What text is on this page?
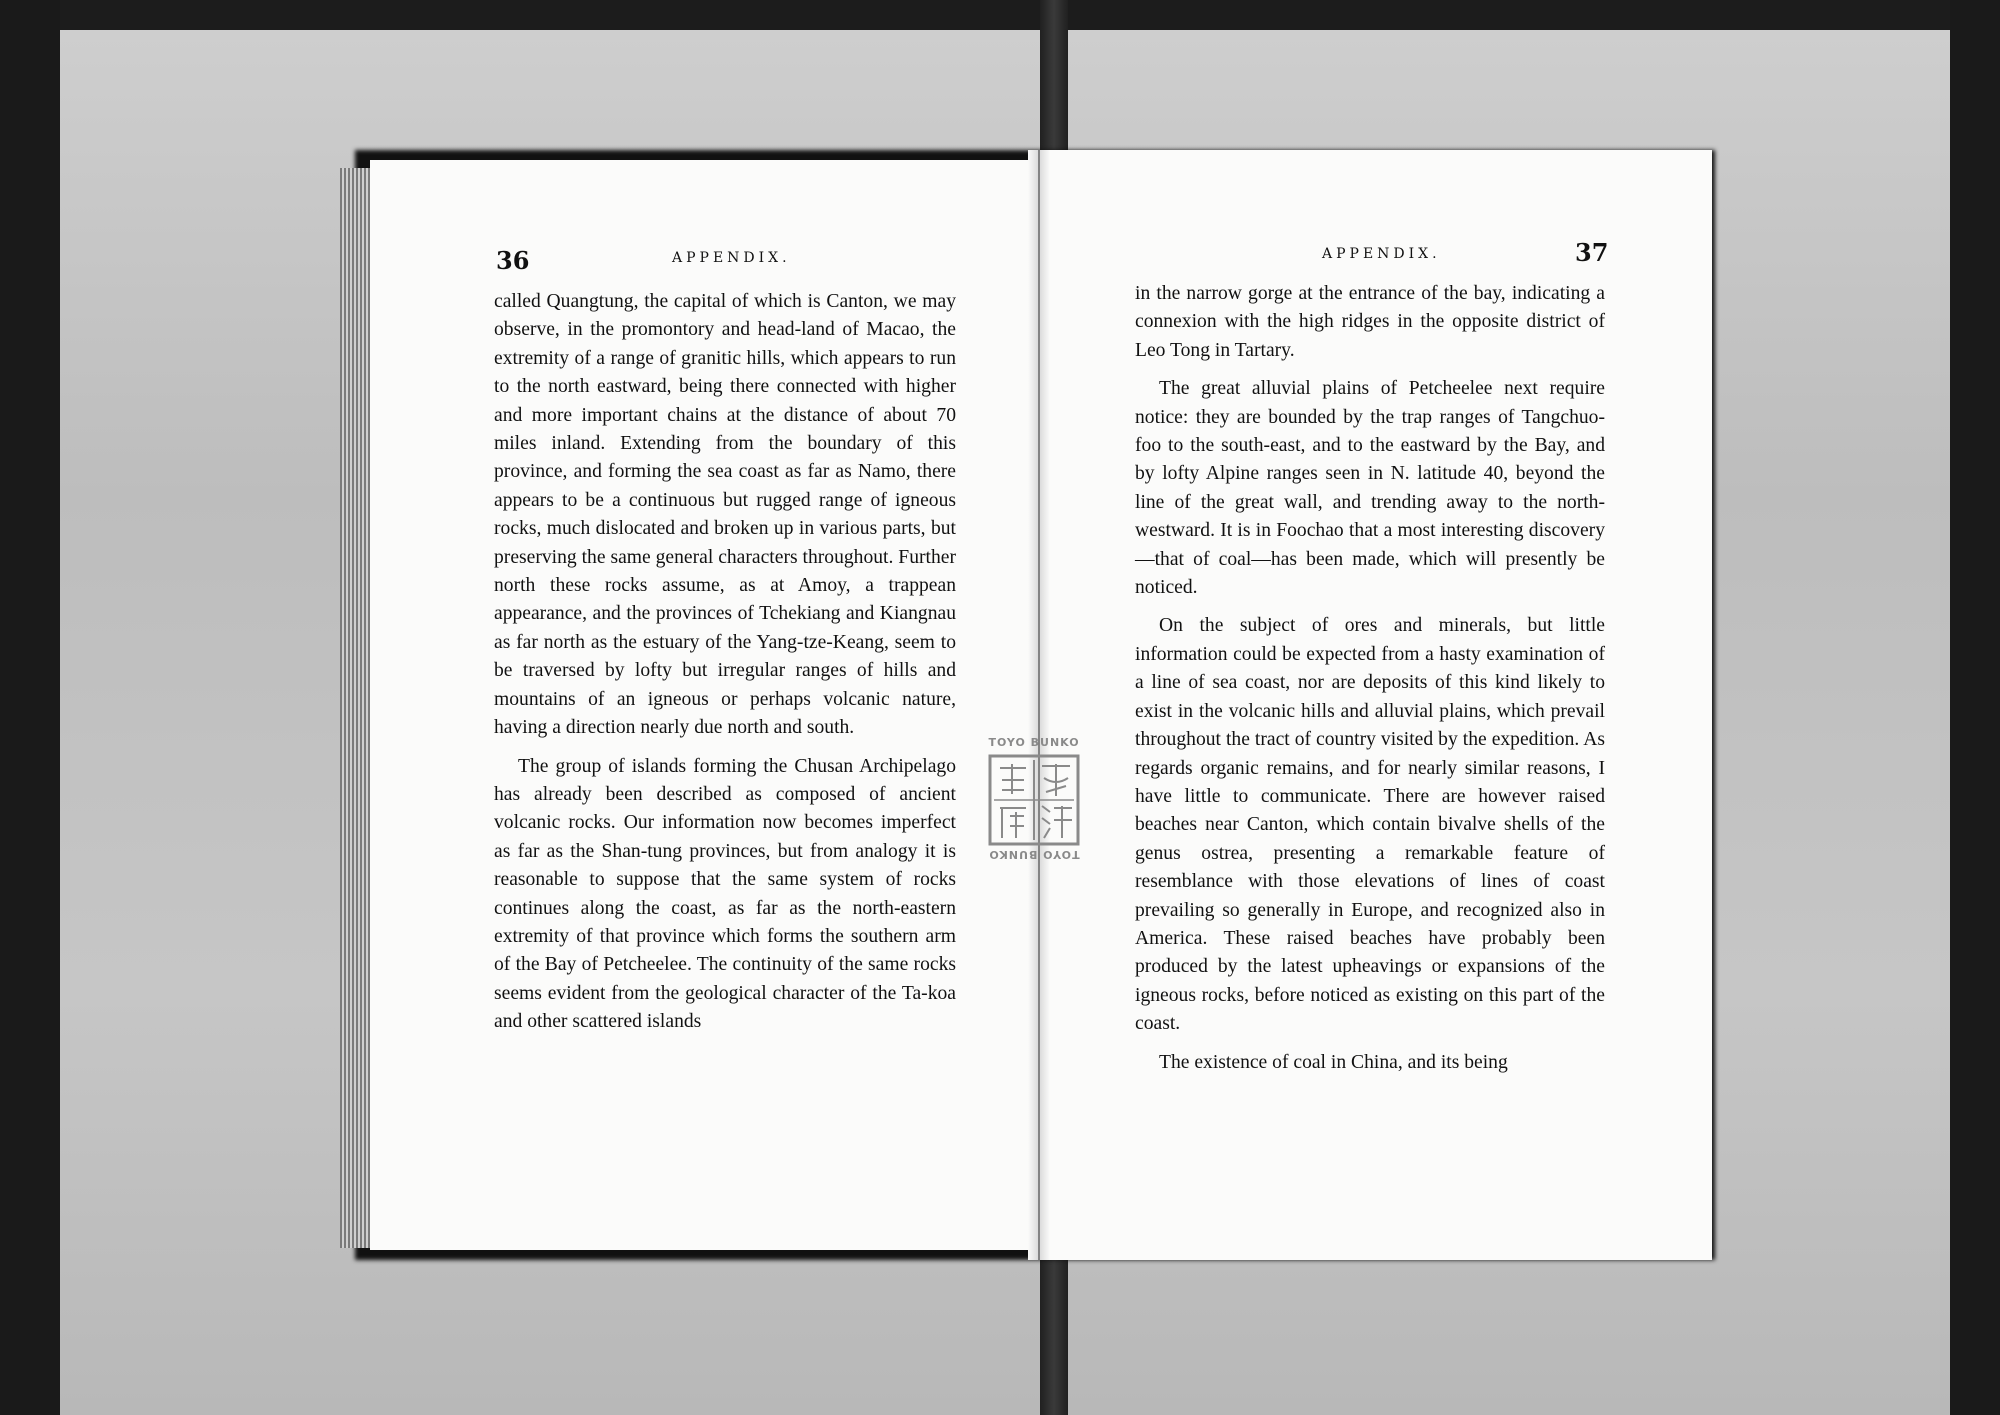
36	APPENDIX.

called Quangtung, the capital of which is Canton, we may observe, in the promontory and head-land of Macao, the extremity of a range of granitic hills, which appears to run to the north eastward, being there connected with higher and more important chains at the distance of about 70 miles inland. Extending from the boundary of this province, and forming the sea coast as far as Namo, there appears to be a continuous but rugged range of igneous rocks, much dislocated and broken up in various parts, but preserving the same general characters throughout. Further north these rocks assume, as at Amoy, a trappean appearance, and the provinces of Tchekiang and Kiangnau as far north as the estuary of the Yang-tze-Keang, seem to be traversed by lofty but irregular ranges of hills and mountains of an igneous or perhaps volcanic nature, having a direction nearly due north and south.

The group of islands forming the Chusan Archipelago has already been described as composed of ancient volcanic rocks. Our information now becomes imperfect as far as the Shan-tung provinces, but from analogy it is reasonable to suppose that the same system of rocks continues along the coast, as far as the north-eastern extremity of that province which forms the southern arm of the Bay of Petcheelee. The continuity of the same rocks seems evident from the geological character of the Ta-koa and other scattered islands

APPENDIX.	37

in the narrow gorge at the entrance of the bay, indicating a connexion with the high ridges in the opposite district of Leo Tong in Tartary.

The great alluvial plains of Petcheelee next require notice: they are bounded by the trap ranges of Tangchuo-foo to the south-east, and to the eastward by the Bay, and by lofty Alpine ranges seen in N. latitude 40, beyond the line of the great wall, and trending away to the north-westward. It is in Foochao that a most interesting discovery—that of coal—has been made, which will presently be noticed.

On the subject of ores and minerals, but little information could be expected from a hasty examination of a line of sea coast, nor are deposits of this kind likely to exist in the volcanic hills and alluvial plains, which prevail throughout the tract of country visited by the expedition. As regards organic remains, and for nearly similar reasons, I have little to communicate. There are however raised beaches near Canton, which contain bivalve shells of the genus ostrea, presenting a remarkable feature of resemblance with those elevations of lines of coast prevailing so generally in Europe, and recognized also in America. These raised beaches have probably been produced by the latest upheavings or expansions of the igneous rocks, before noticed as existing on this part of the coast.

The existence of coal in China, and its being

TOYO BUNKO
TOYO BUNKO
